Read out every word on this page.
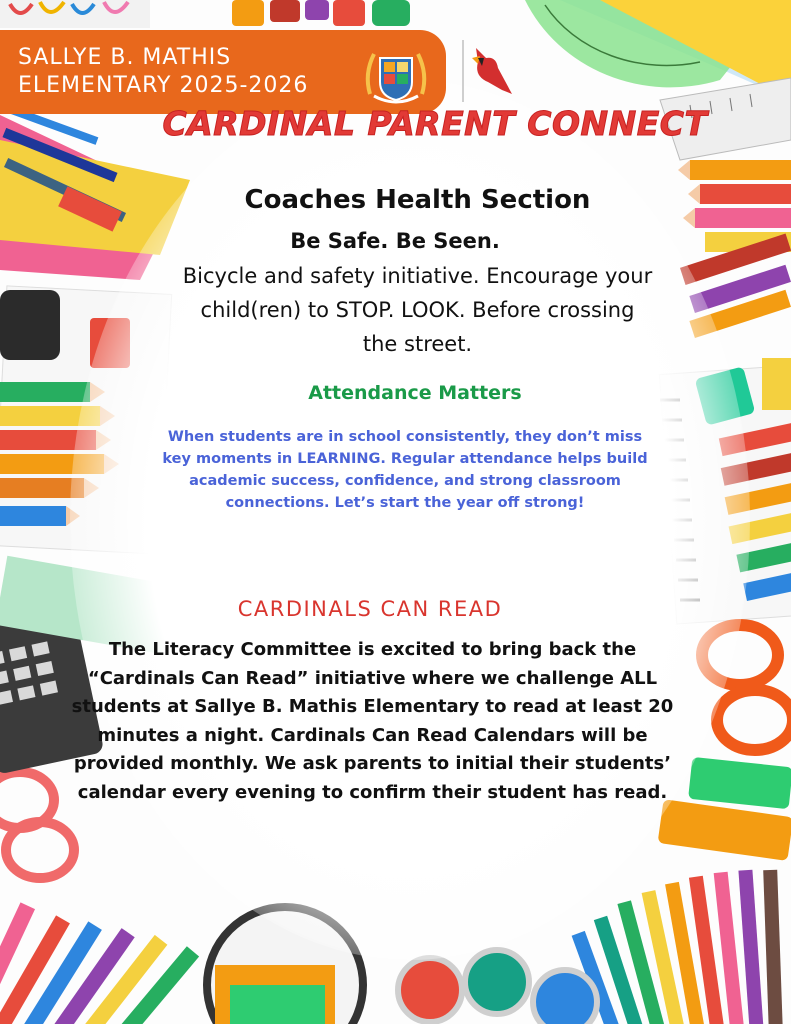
SALLYE B. MATHIS
ELEMENTARY 2025-2026
CARDINAL PARENT CONNECT
Coaches Health Section
Be Safe. Be Seen.
Bicycle and safety initiative. Encourage your child(ren) to STOP. LOOK. Before crossing the street.
Attendance Matters
When students are in school consistently, they don’t miss key moments in LEARNING. Regular attendance helps build academic success, confidence, and strong classroom connections. Let’s start the year off strong!
CARDINALS CAN READ
The Literacy Committee is excited to bring back the “Cardinals Can Read” initiative where we challenge ALL students at Sallye B. Mathis Elementary to read at least 20 minutes a night. Cardinals Can Read Calendars will be provided monthly. We ask parents to initial their students’ calendar every evening to confirm their student has read.
